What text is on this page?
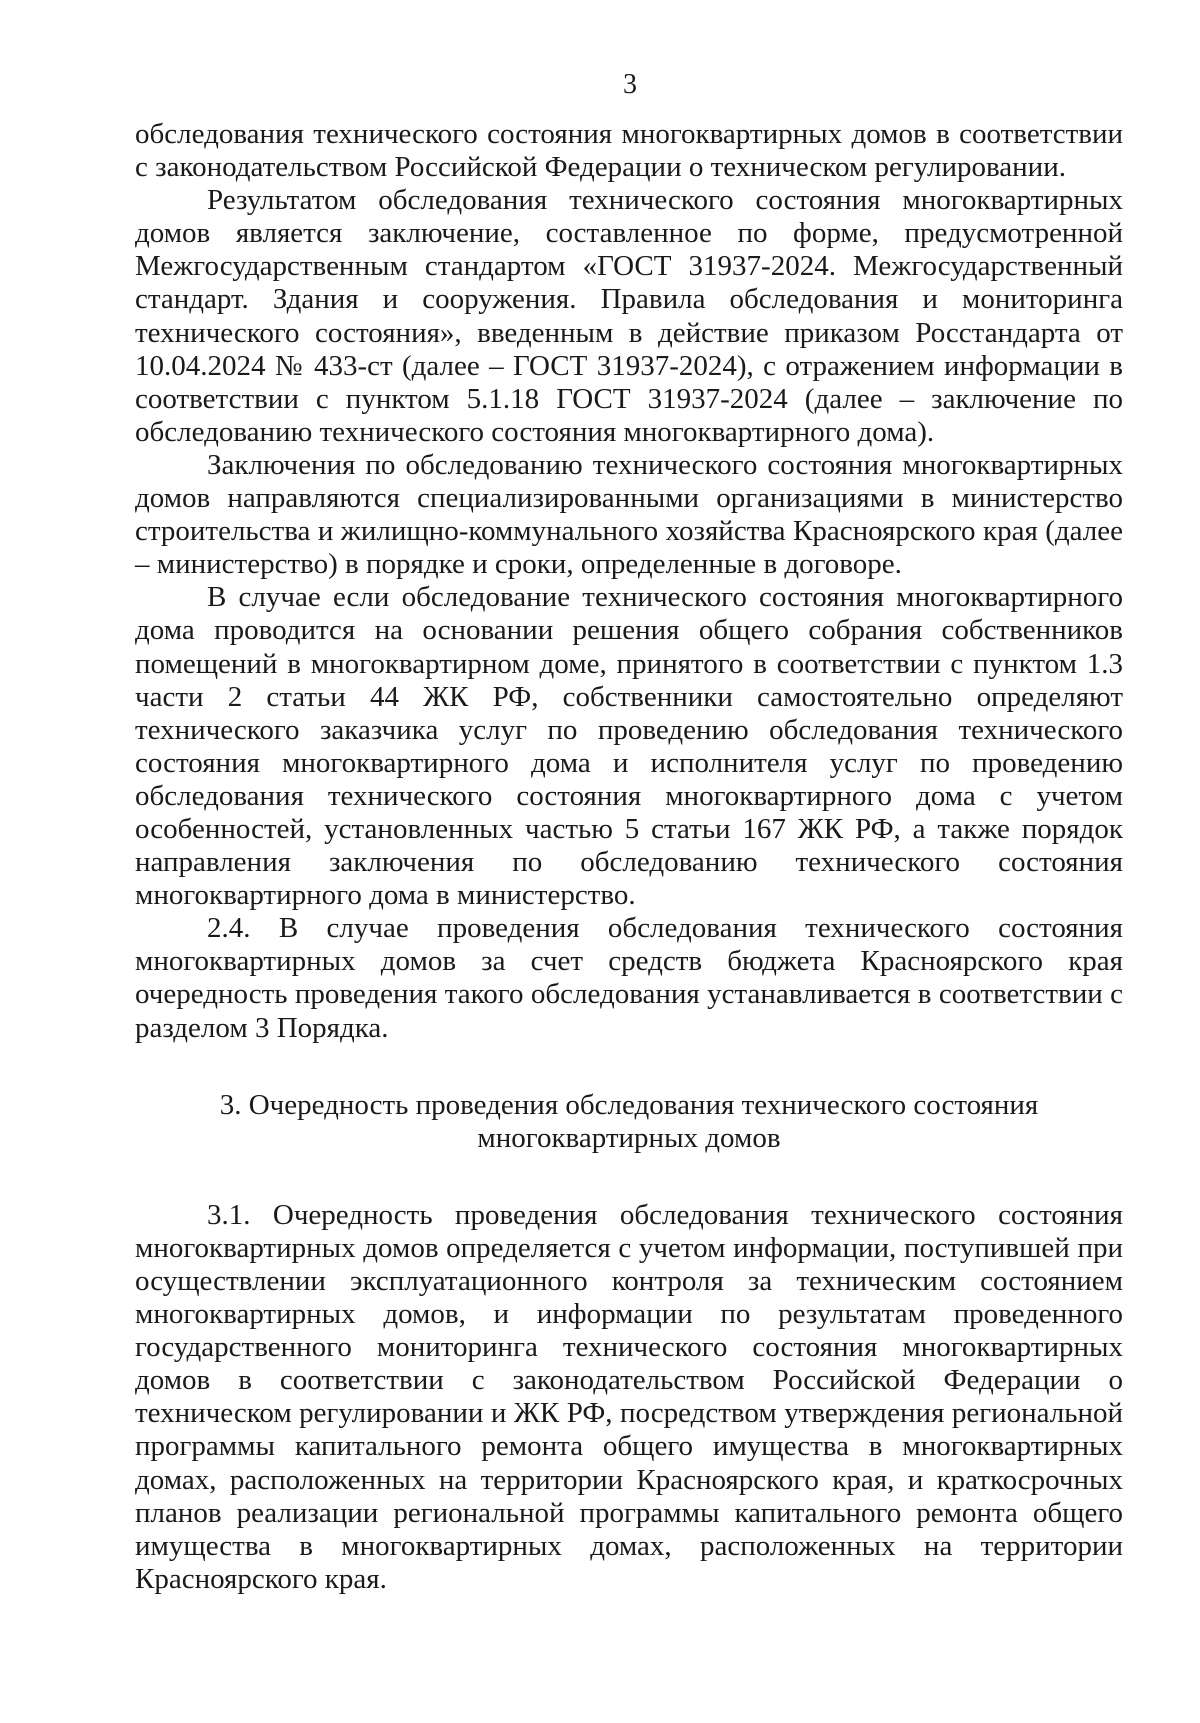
3

обследования технического состояния многоквартирных домов в соответствии с законодательством Российской Федерации о техническом регулировании.

Результатом обследования технического состояния многоквартирных домов является заключение, составленное по форме, предусмотренной Межгосударственным стандартом «ГОСТ 31937-2024. Межгосударственный стандарт. Здания и сооружения. Правила обследования и мониторинга технического состояния», введенным в действие приказом Росстандарта от 10.04.2024 № 433-ст (далее – ГОСТ 31937-2024), с отражением информации в соответствии с пунктом 5.1.18 ГОСТ 31937-2024 (далее – заключение по обследованию технического состояния многоквартирного дома).

Заключения по обследованию технического состояния многоквартирных домов направляются специализированными организациями в министерство строительства и жилищно-коммунального хозяйства Красноярского края (далее – министерство) в порядке и сроки, определенные в договоре.

В случае если обследование технического состояния многоквартирного дома проводится на основании решения общего собрания собственников помещений в многоквартирном доме, принятого в соответствии с пунктом 1.3 части 2 статьи 44 ЖК РФ, собственники самостоятельно определяют технического заказчика услуг по проведению обследования технического состояния многоквартирного дома и исполнителя услуг по проведению обследования технического состояния многоквартирного дома с учетом особенностей, установленных частью 5 статьи 167 ЖК РФ, а также порядок направления заключения по обследованию технического состояния многоквартирного дома в министерство.

2.4. В случае проведения обследования технического состояния многоквартирных домов за счет средств бюджета Красноярского края очередность проведения такого обследования устанавливается в соответствии с разделом 3 Порядка.

3. Очередность проведения обследования технического состояния
многоквартирных домов

3.1. Очередность проведения обследования технического состояния многоквартирных домов определяется с учетом информации, поступившей при осуществлении эксплуатационного контроля за техническим состоянием многоквартирных домов, и информации по результатам проведенного государственного мониторинга технического состояния многоквартирных домов в соответствии с законодательством Российской Федерации о техническом регулировании и ЖК РФ, посредством утверждения региональной программы капитального ремонта общего имущества в многоквартирных домах, расположенных на территории Красноярского края, и краткосрочных планов реализации региональной программы капитального ремонта общего имущества в многоквартирных домах, расположенных на территории Красноярского края.
